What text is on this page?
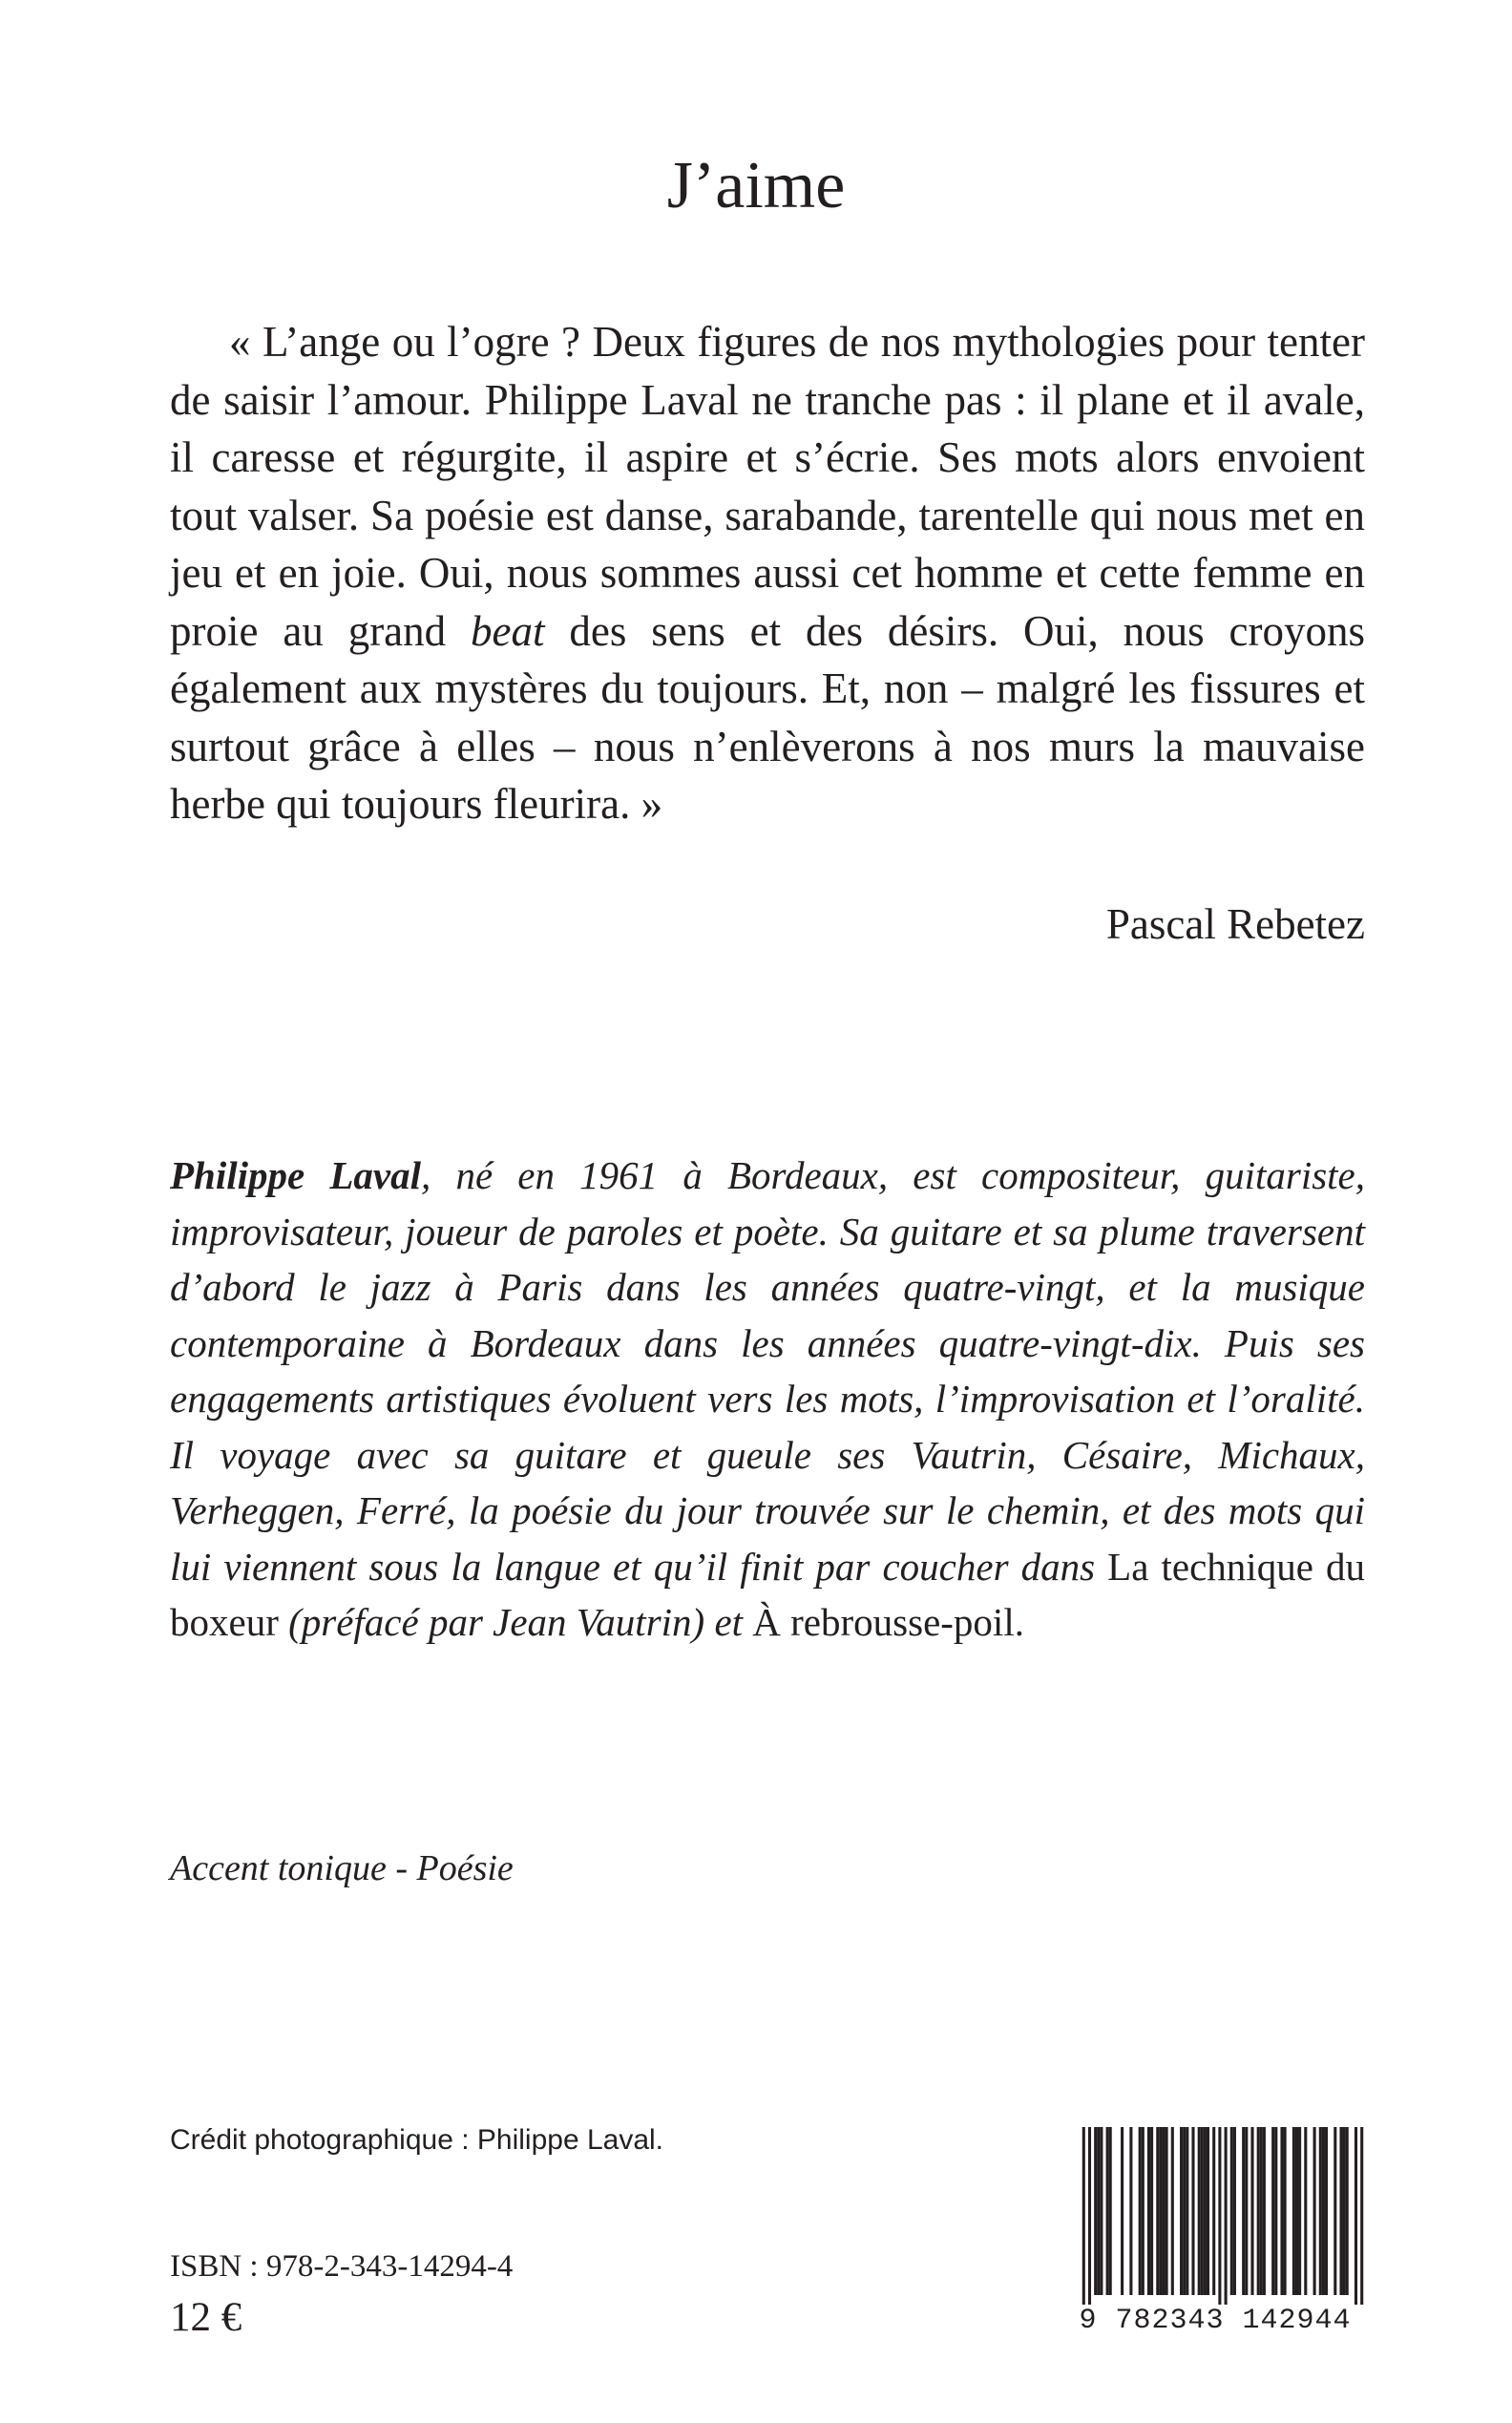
J’aime

« L’ange ou l’ogre ? Deux figures de nos mythologies pour tenter de saisir l’amour. Philippe Laval ne tranche pas : il plane et il avale, il caresse et régurgite, il aspire et s’écrie. Ses mots alors envoient tout valser. Sa poésie est danse, sarabande, tarentelle qui nous met en jeu et en joie. Oui, nous sommes aussi cet homme et cette femme en proie au grand beat des sens et des désirs. Oui, nous croyons également aux mystères du toujours. Et, non – malgré les fissures et surtout grâce à elles – nous n’enlèverons à nos murs la mauvaise herbe qui toujours fleurira. »

Pascal Rebetez

Philippe Laval, né en 1961 à Bordeaux, est compositeur, guitariste, improvisateur, joueur de paroles et poète. Sa guitare et sa plume traversent d’abord le jazz à Paris dans les années quatre-vingt, et la musique contemporaine à Bordeaux dans les années quatre-vingt-dix. Puis ses engagements artistiques évoluent vers les mots, l’improvisation et l’oralité. Il voyage avec sa guitare et gueule ses Vautrin, Césaire, Michaux, Verheggen, Ferré, la poésie du jour trouvée sur le chemin, et des mots qui lui viennent sous la langue et qu’il finit par coucher dans La technique du boxeur (préfacé par Jean Vautrin) et À rebrousse-poil.

Accent tonique - Poésie

Crédit photographique : Philippe Laval.

ISBN : 978-2-343-14294-4

12 €	9 782343 142944
